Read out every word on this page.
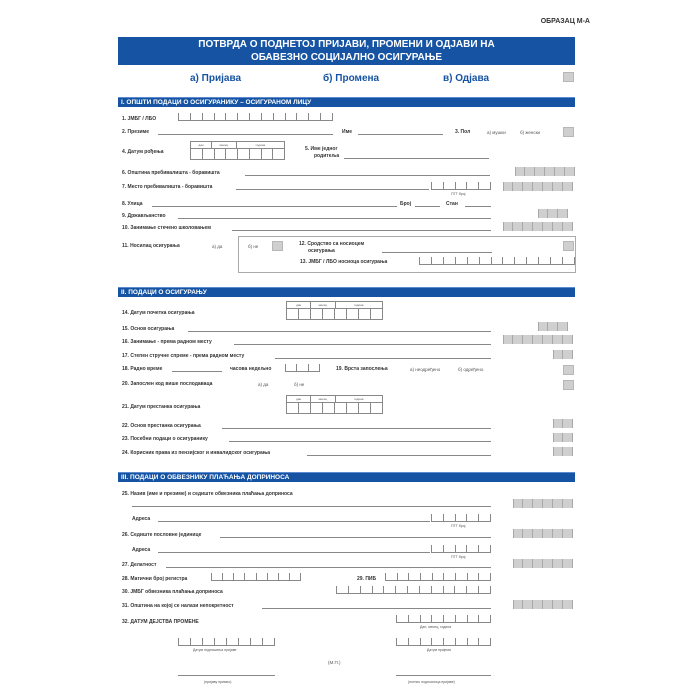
ОБРАЗАЦ М-А
ПОТВРДА О ПОДНЕТОЈ ПРИЈАВИ, ПРОМЕНИ И ОДЈАВИ НА
ОБАВЕЗНО СОЦИЈАЛНО ОСИГУРАЊЕ
а) Пријава	б) Промена	в) Одјава
I. ОПШТИ ПОДАЦИ О ОСИГУРАНИКУ – ОСИГУРАНОМ ЛИЦУ
1. ЈМБГ / ЛБО
2. Презиме	Име	3. Пол	а) мушки	б) женски
4. Датум рођења
дан	месец	година
5. Име једног
родитеља
6. Општина пребивалишта - боравишта
7. Место пребивалишта - боравишта
ПТТ број
8. Улица	Број	Стан
9. Држављанство
10. Занимање стечено школовањем
11. Носилац осигурања	а) да	б) не	12. Сродство са носиоцем
осигурања
13. ЈМБГ / ЛБО носиоца осигурања
II. ПОДАЦИ О ОСИГУРАЊУ
14. Датум почетка осигурања
дан	месец	година
15. Основ осигурања
16. Занимање - према радном месту
17. Степен стручне спреме - према радном месту
18. Радно време	часова недељно	19. Врста запослења	а) неодређено	б) одређено
20. Запослен код више послодаваца	а) да	б) не
21. Датум престанка осигурања
дан	месец	година
22. Основ престанка осигурања
23. Посебни подаци о осигуранику
24. Корисник права из пензијског и инвалидског осигурања
III. ПОДАЦИ О ОБВЕЗНИКУ ПЛАЋАЊА ДОПРИНОСА
25. Назив (име и презиме) и седиште обвезника плаћања доприноса
Адреса
ПТТ број
26. Седиште пословне јединице
Адреса
ПТТ број
27. Делатност
28. Матични број регистра	29. ПИБ
30. ЈМБГ обвезника плаћања доприноса
31. Општина на којој се налази непокретност
32. ДАТУМ ДЕЈСТВА ПРОМЕНЕ
Дан, месец, година
Датум подношења пријаве	Датум пријема
(М.П.)
(пријаву примио)	(потпис подносиоца пријаве)
